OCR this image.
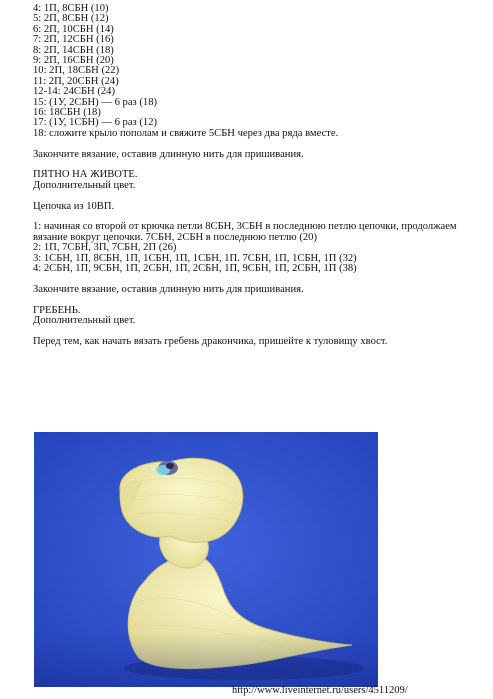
4: 1П, 8СБН (10)

5: 2П, 8СБН (12)

6: 2П, 10СБН (14)

7: 2П, 12СБН (16)

8: 2П, 14СБН (18)

9: 2П, 16СБН (20)

10: 2П, 18СБН (22)

11: 2П, 20СБН (24)

12-14: 24СБН (24)

15: (1У, 2СБН) — 6 раз (18)

16: 18СБН (18)

17: (1У, 1СБН) — 6 раз (12)

18: сложите крыло пополам и свяжите 5СБН через два ряда вместе.

Закончите вязание, оставив длинную нить для пришивания.

ПЯТНО НА ЖИВОТЕ.

Дополнительный цвет.

Цепочка из 10ВП.

1: начиная со второй от крючка петли 8СБН, 3СБН в последнюю петлю цепочки, продолжаем

вязание вокруг цепочки. 7СБН, 2СБН в последнюю петлю (20)

2: 1П, 7СБН, 3П, 7СБН, 2П (26)

3: 1СБН, 1П, 8СБН, 1П, 1СБН, 1П, 1СБН, 1П. 7СБН, 1П, 1СБН, 1П (32)

4: 2СБН, 1П, 9СБН, 1П, 2СБН, 1П, 2СБН, 1П, 9СБН, 1П, 2СБН, 1П (38)

Закончите вязание, оставив длинную нить для пришивания.

ГРЕБЕНЬ.

Дополнительный цвет.

Перед тем, как начать вязать гребень дракончика, пришейте к туловищу хвост.

http://www.liveinternet.ru/users/4511209/
